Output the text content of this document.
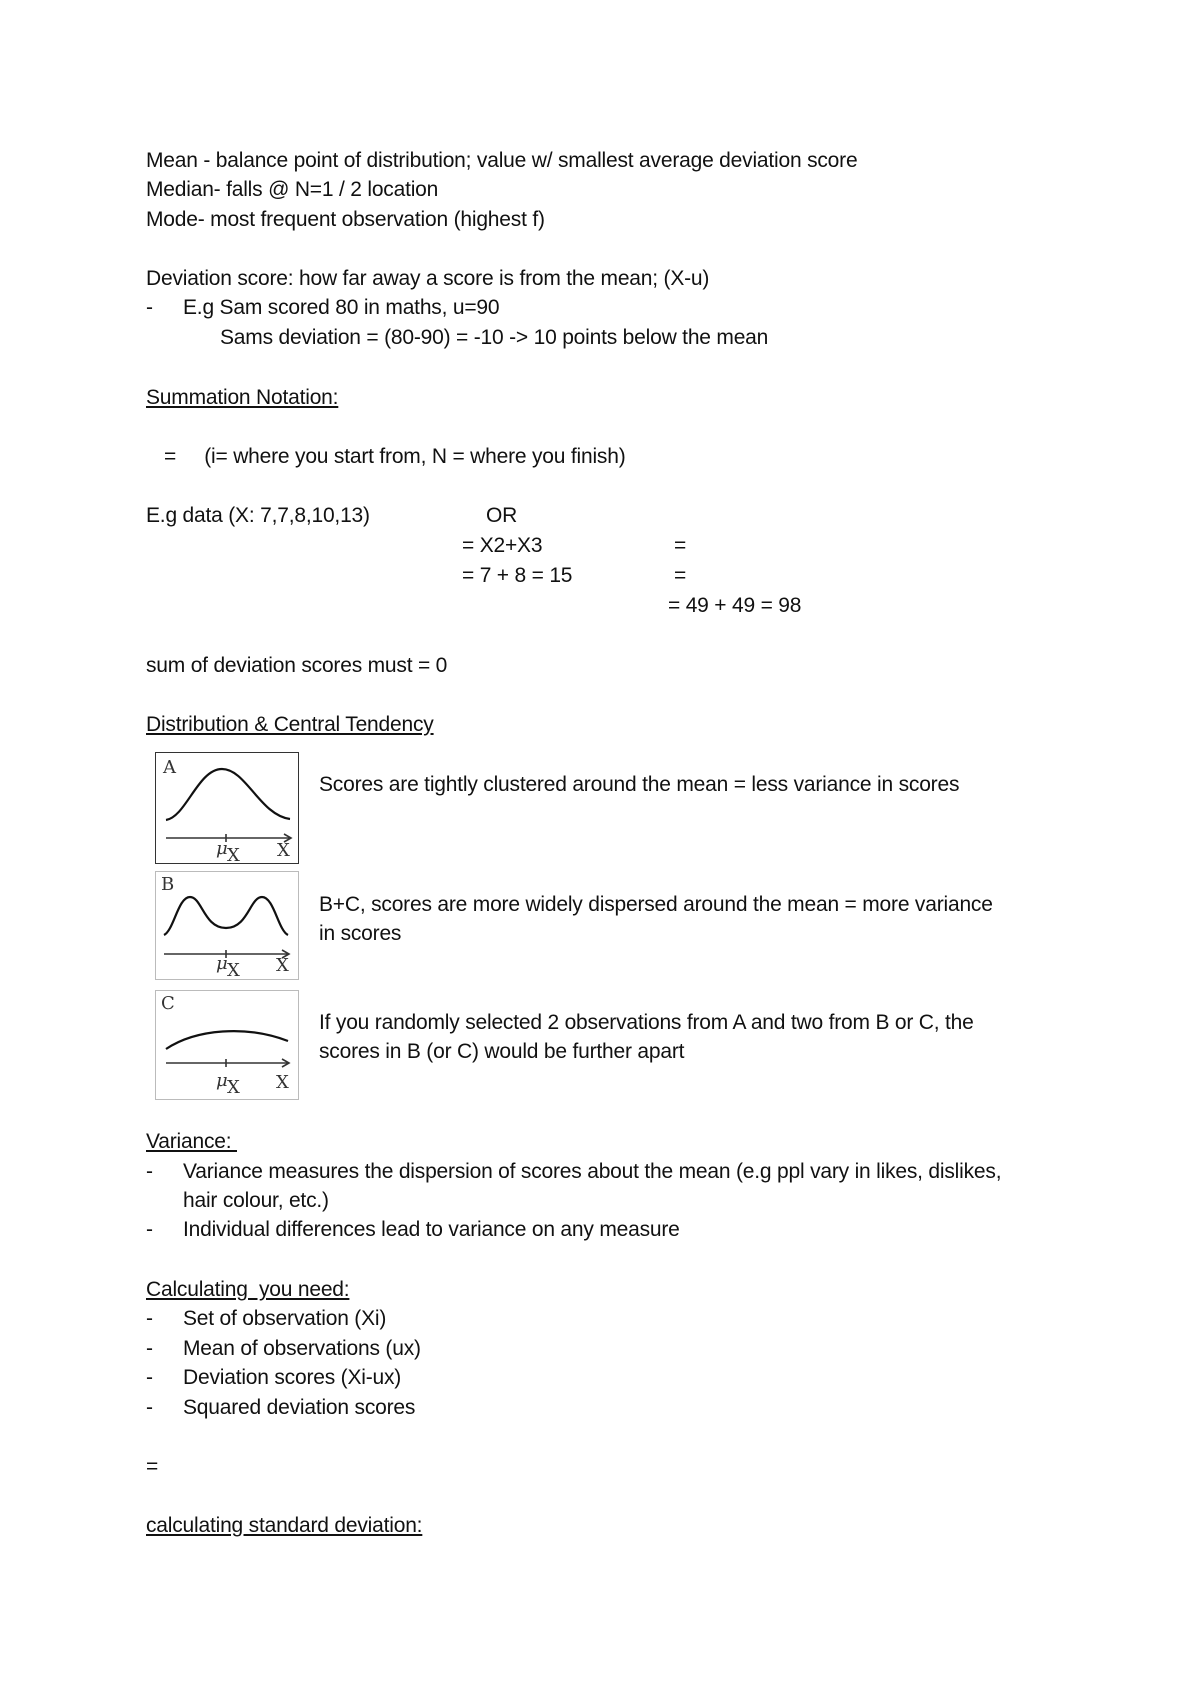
Mean - balance point of distribution; value w/ smallest average deviation score
Median- falls @ N=1 / 2 location
Mode- most frequent observation (highest f)
Deviation score: how far away a score is from the mean; (X-u)
- E.g Sam scored 80 in maths, u=90
Sams deviation = (80-90) = -10 -> 10 points below the mean
Summation Notation:
=     (i= where you start from, N = where you finish)
E.g data (X: 7,7,8,10,13)	OR
= X2+X3
= 7 + 8 = 15
=
=
= 49 + 49 = 98
sum of deviation scores must = 0
Distribution & Central Tendency
A
μ X X
Scores are tightly clustered around the mean = less variance in scores
B
μ X X
B+C, scores are more widely dispersed around the mean = more variance
in scores
C
μ X X
If you randomly selected 2 observations from A and two from B or C, the
scores in B (or C) would be further apart
Variance:
- Variance measures the dispersion of scores about the mean (e.g ppl vary in likes, dislikes,
hair colour, etc.)
- Individual differences lead to variance on any measure
Calculating  you need:
- Set of observation (Xi)
- Mean of observations (ux)
- Deviation scores (Xi-ux)
- Squared deviation scores
=
calculating standard deviation:
